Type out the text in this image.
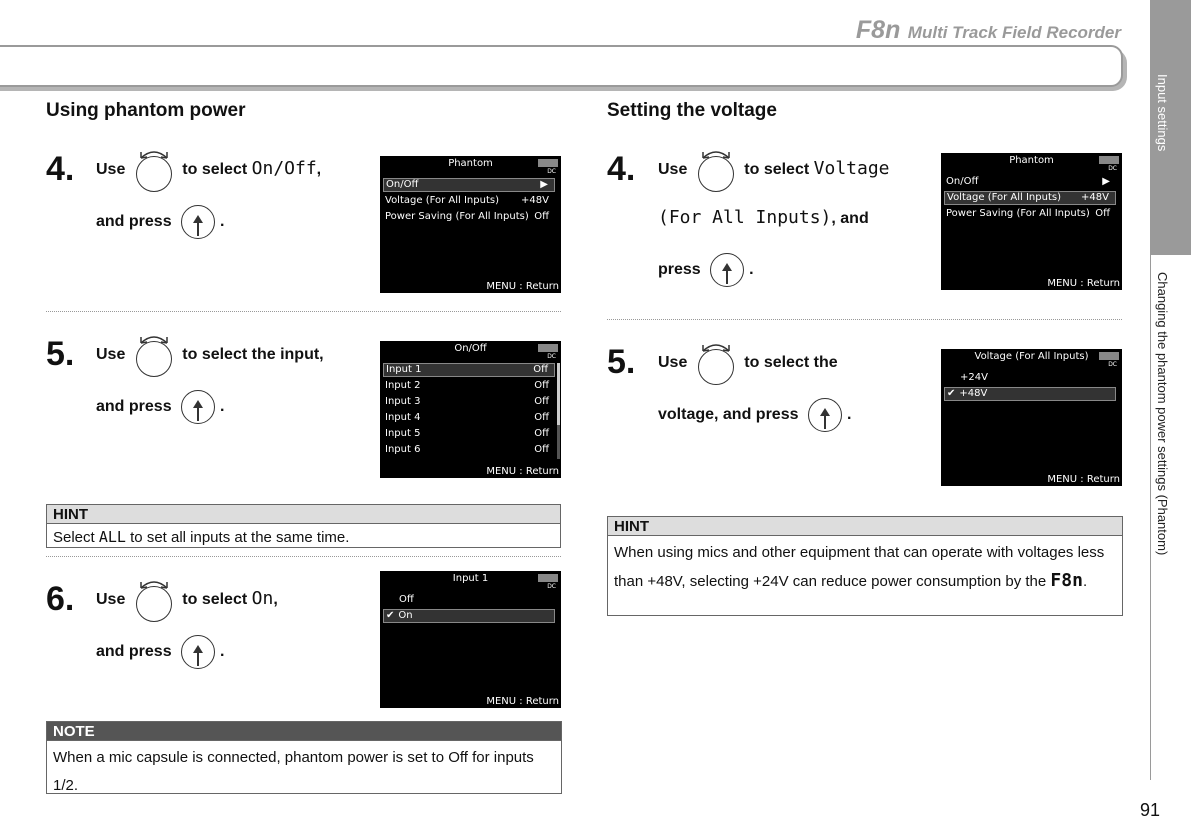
F8n Multi Track Field Recorder
Input settings
Changing the phantom power settings (Phantom)
Using phantom power
4. Use	to select On/Off,
and press	.
Phantom
DC
On/Off	▶
Voltage (For All Inputs) +48V
Power Saving (For All Inputs) Off
MENU : Return
5. Use	to select the input,
and press	.
On/Off
DC
Input 1	Off
Input 2	Off
Input 3	Off
Input 4	Off
Input 5	Off
Input 6	Off
MENU : Return
HINT
Select ALL to set all inputs at the same time.
6. Use	to select On,
and press	.
Input 1
DC
Off
✔ On
MENU : Return
NOTE
When a mic capsule is connected, phantom power is set to Off for inputs 1/2.
Setting the voltage
4. Use	to select Voltage
(For All Inputs), and
press	.
Phantom
DC
On/Off	▶
Voltage (For All Inputs) +48V
Power Saving (For All Inputs) Off
MENU : Return
5. Use	to select the
voltage, and press	.
Voltage (For All Inputs)
DC
+24V
✔ +48V
MENU : Return
HINT
When using mics and other equipment that can operate with voltages less than +48V, selecting +24V can reduce power consumption by the F8n.
91
